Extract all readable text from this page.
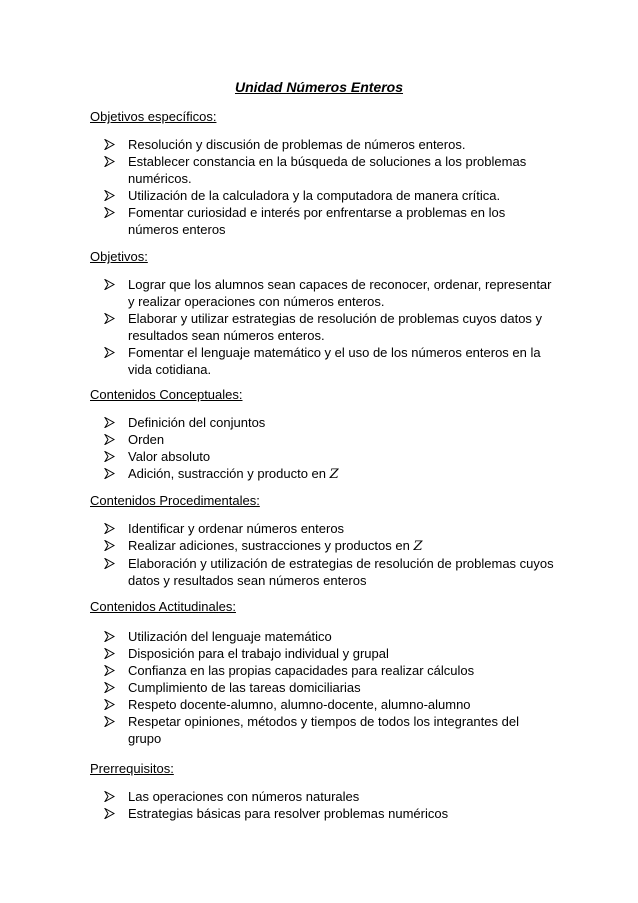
Unidad Números Enteros
Objetivos específicos:
Resolución y discusión de problemas de números enteros.
Establecer constancia en la búsqueda de soluciones a los problemas numéricos.
Utilización de la calculadora y la computadora de manera crítica.
Fomentar curiosidad e interés por enfrentarse a problemas en los números enteros
Objetivos:
Lograr que los alumnos sean capaces de reconocer, ordenar, representar y realizar operaciones con números enteros.
Elaborar y utilizar estrategias de resolución de problemas cuyos datos y resultados sean números enteros.
Fomentar el lenguaje matemático y el uso de los números enteros en la vida cotidiana.
Contenidos Conceptuales:
Definición del conjuntos
Orden
Valor absoluto
Adición, sustracción y producto en Z
Contenidos Procedimentales:
Identificar y ordenar números enteros
Realizar adiciones, sustracciones y productos en Z
Elaboración y utilización de estrategias de resolución de problemas cuyos datos y resultados sean números enteros
Contenidos Actitudinales:
Utilización del lenguaje matemático
Disposición para el trabajo individual y grupal
Confianza en las propias capacidades para realizar cálculos
Cumplimiento de las tareas domiciliarias
Respeto docente-alumno, alumno-docente, alumno-alumno
Respetar opiniones, métodos y tiempos de todos los integrantes del grupo
Prerrequisitos:
Las operaciones con números naturales
Estrategias básicas para resolver problemas numéricos
